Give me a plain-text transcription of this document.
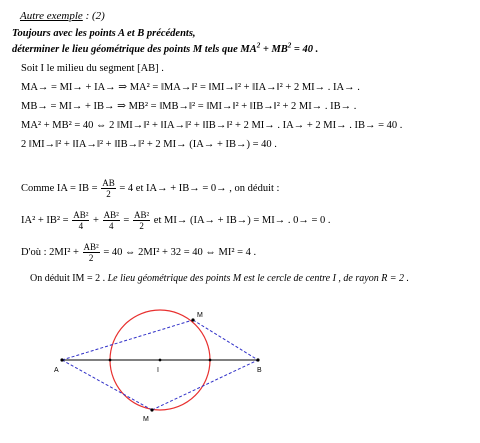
Autre exemple : (2)
Toujours avec les points A et B précédents,
déterminer le lieu géométrique des points M tels que $MA^2 + MB^2 = 40$ .
Soit I le milieu du segment [AB] .
MA→ = MI→ + IA→ ⇒ MA² = ‖MA→‖² = ‖MI→‖² + ‖IA→‖² + 2 MI→ . IA→ .
MB→ = MI→ + IB→ ⇒ MB² = ‖MB→‖² = ‖MI→‖² + ‖IB→‖² + 2 MI→ . IB→ .
MA² + MB² = 40 ⇔ 2 ‖MI→‖² + ‖IA→‖² + ‖IB→‖² + 2 MI→ . IA→ + 2 MI→ . IB→ = 40 .
2 ‖MI→‖² + ‖IA→‖² + ‖IB→‖² + 2 MI→ (IA→ + IB→) = 40 .
Comme IA = IB = $\frac{AB}{2} = 4$ et IA→ + IB→ = 0→ , on déduit :
$IA^2 + IB^2 = \frac{\text{AB²}}{4} + \frac{\text{AB²}}{4} = \frac{\text{AB²}}{2}$ et MI→ (IA→ + IB→) = MI→ . 0→ = 0 .
D'où : $2MI^2 + \frac{\text{AB²}}{2} = 40$ ⇔ 2MI² + 32 = 40 ⇔ MI² = 4 .
On déduit IM = 2 . Le lieu géométrique des points M est le cercle de centre I , de rayon R = 2 .
A	B
I
M
M
